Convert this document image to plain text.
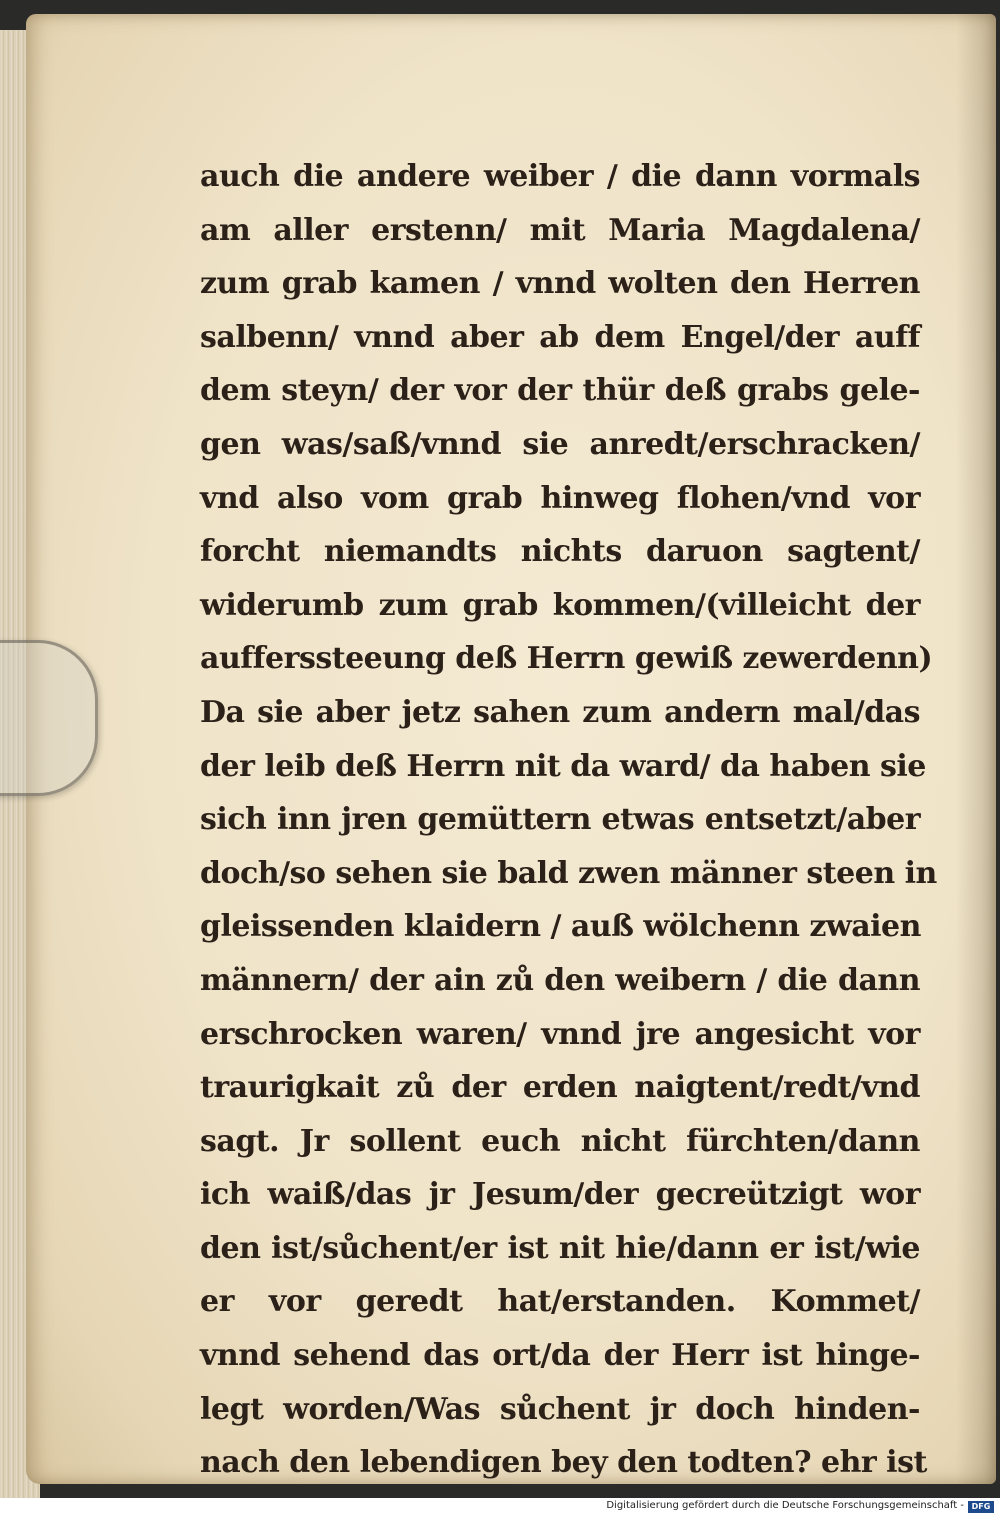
auch die andere weiber / die dann vormals
am aller erstenn/ mit Maria Magdalena/
zum grab kamen / vnnd wolten den Herren
salbenn/ vnnd aber ab dem Engel/der auff
dem steyn/ der vor der thür deß grabs gele-
gen was/saß/vnnd sie anredt/erschracken/
vnd also vom grab hinweg flohen/vnd vor
forcht niemandts nichts daruon sagtent/
widerumb zum grab kommen/(villeicht der
aufferssteeung deß Herrn gewiß zewerdenn)
Da sie aber jetz sahen zum andern mal/das
der leib deß Herrn nit da ward/ da haben sie
sich inn jren gemüttern etwas entsetzt/aber
doch/so sehen sie bald zwen männer steen in
gleissenden klaidern / auß wölchenn zwaien
männern/ der ain zů den weibern / die dann
erschrocken waren/ vnnd jre angesicht vor
traurigkait zů der erden naigtent/redt/vnd
sagt. Jr sollent euch nicht fürchten/dann
ich waiß/das jr Jesum/der gecreützigt wor
den ist/sůchent/er ist nit hie/dann er ist/wie
er vor geredt hat/erstanden. Kommet/
vnnd sehend das ort/da der Herr ist hinge-
legt worden/Was sůchent jr doch hinden-
nach den lebendigen bey den todten? ehr ist
Digitalisierung gefördert durch die Deutsche Forschungsgemeinschaft - DFG
